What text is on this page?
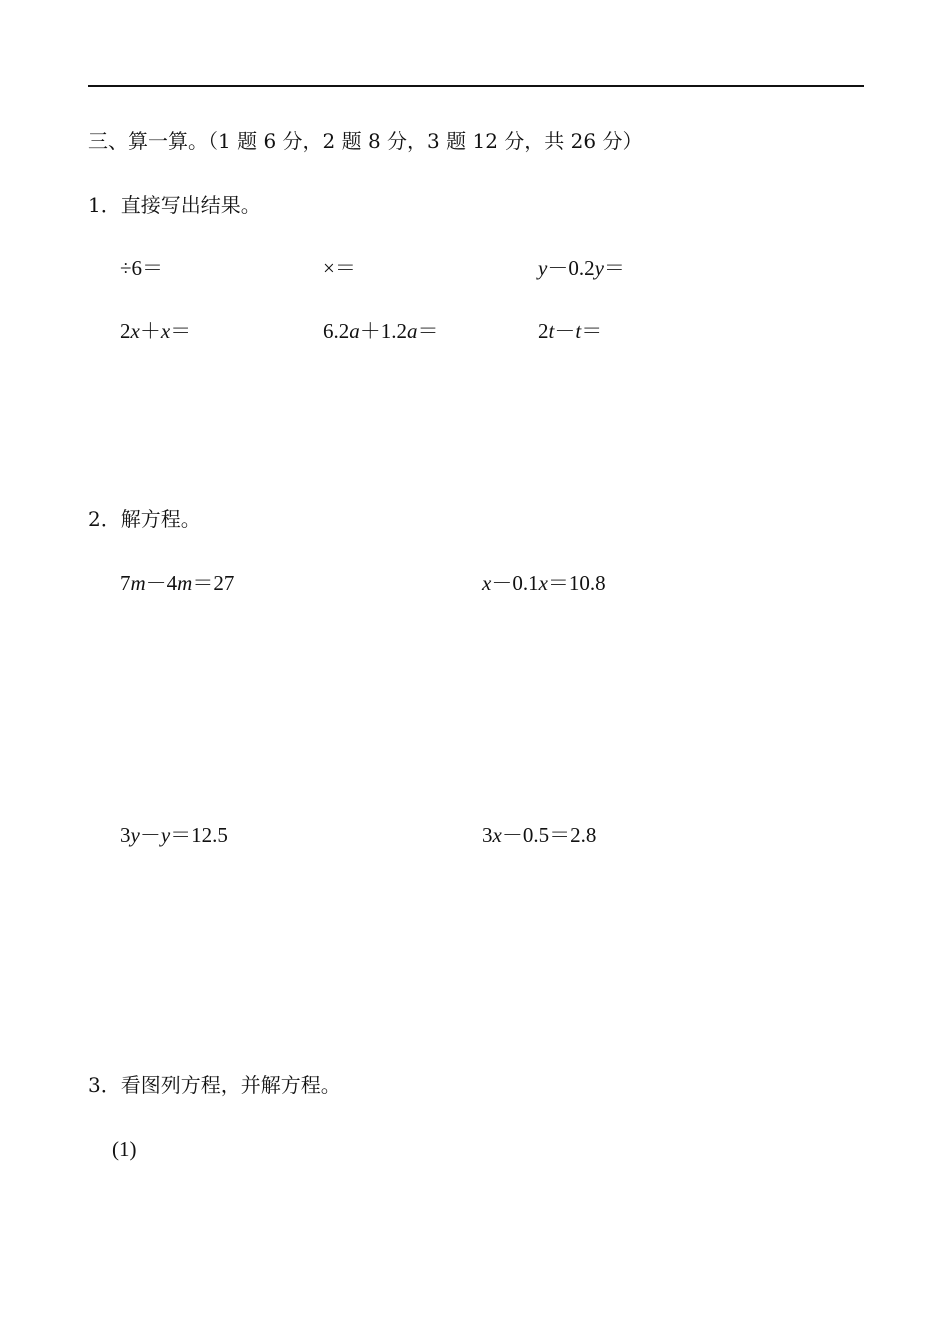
三、算一算。（1 题 6 分，2 题 8 分，3 题 12 分，共 26 分）
1．直接写出结果。
÷6＝	×＝	y－0.2y＝
2x＋x＝	6.2a＋1.2a＝	2t－t＝
2．解方程。
7m－4m＝27	x－0.1x＝10.8
3y－y＝12.5	3x－0.5＝2.8
3．看图列方程，并解方程。
(1)
